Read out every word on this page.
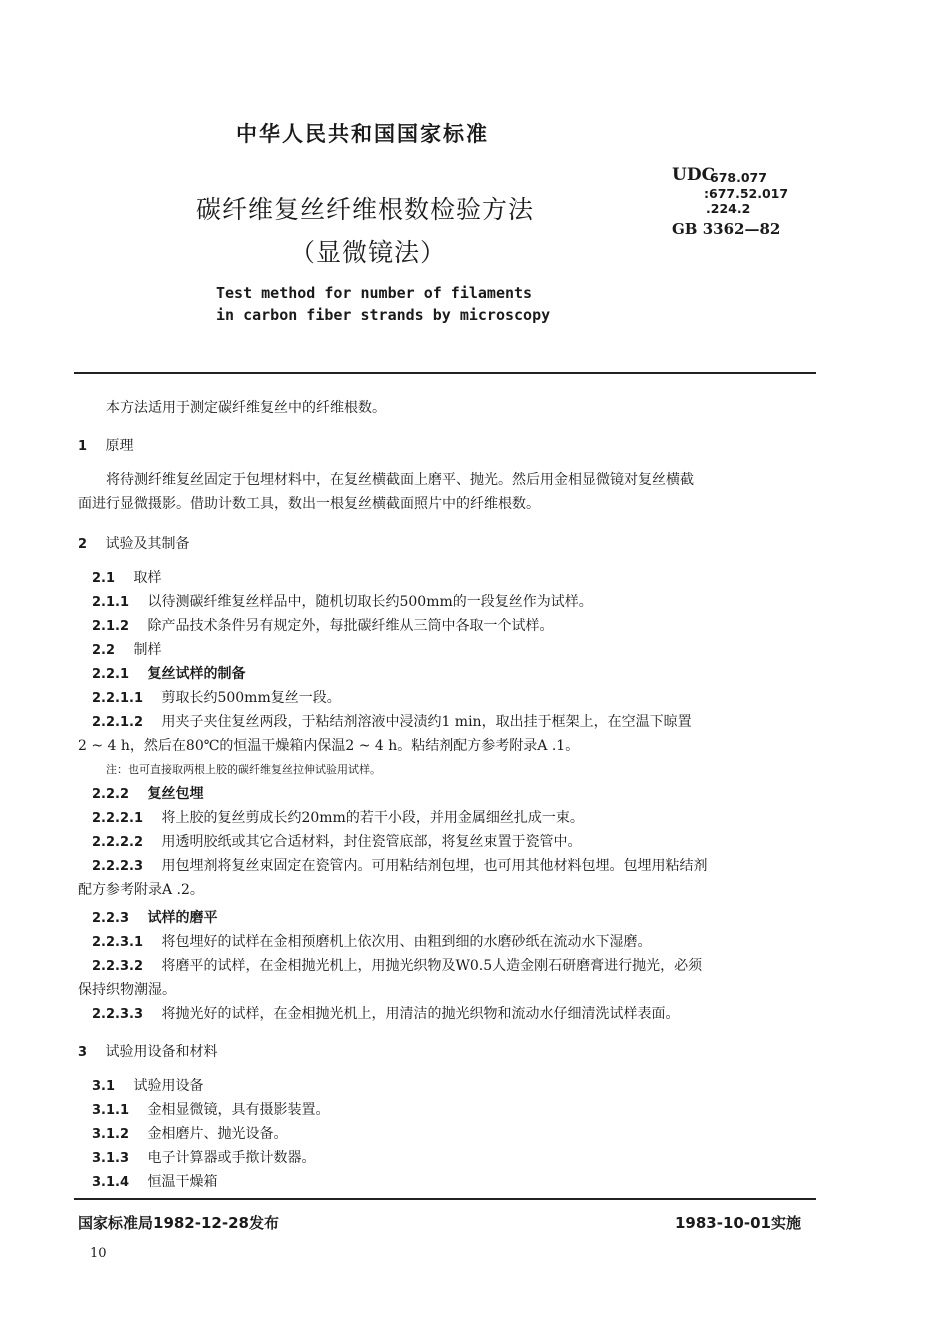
中华人民共和国国家标准
碳纤维复丝纤维根数检验方法
（显微镜法）
Test method for number of filaments
in carbon fiber strands by microscopy
UDC
678.077
:677.52.017
.224.2
GB 3362—82
本方法适用于测定碳纤维复丝中的纤维根数。
1 原理
将待测纤维复丝固定于包埋材料中，在复丝横截面上磨平、抛光。然后用金相显微镜对复丝横截
面进行显微摄影。借助计数工具，数出一根复丝横截面照片中的纤维根数。
2 试验及其制备
2.1 取样
2.1.1 以待测碳纤维复丝样品中，随机切取长约500mm的一段复丝作为试样。
2.1.2 除产品技术条件另有规定外，每批碳纤维从三筒中各取一个试样。
2.2 制样
2.2.1 复丝试样的制备
2.2.1.1 剪取长约500mm复丝一段。
2.2.1.2 用夹子夹住复丝两段，于粘结剂溶液中浸渍约1 min，取出挂于框架上，在空温下晾置
2 ~ 4 h，然后在80℃的恒温干燥箱内保温2 ~ 4 h。粘结剂配方参考附录A .1。
注：也可直接取两根上胶的碳纤维复丝拉伸试验用试样。
2.2.2 复丝包埋
2.2.2.1 将上胶的复丝剪成长约20mm的若干小段，并用金属细丝扎成一束。
2.2.2.2 用透明胶纸或其它合适材料，封住瓷管底部，将复丝束置于瓷管中。
2.2.2.3 用包埋剂将复丝束固定在瓷管内。可用粘结剂包埋，也可用其他材料包埋。包埋用粘结剂
配方参考附录A .2。
2.2.3 试样的磨平
2.2.3.1 将包埋好的试样在金相预磨机上依次用、由粗到细的水磨砂纸在流动水下湿磨。
2.2.3.2 将磨平的试样，在金相抛光机上，用抛光织物及W0.5人造金刚石研磨膏进行抛光，必须
保持织物潮湿。
2.2.3.3 将抛光好的试样，在金相抛光机上，用清洁的抛光织物和流动水仔细清洗试样表面。
3 试验用设备和材料
3.1 试验用设备
3.1.1 金相显微镜，具有摄影装置。
3.1.2 金相磨片、抛光设备。
3.1.3 电子计算器或手揿计数器。
3.1.4 恒温干燥箱
国家标准局1982-12-28发布	1983-10-01实施
10
